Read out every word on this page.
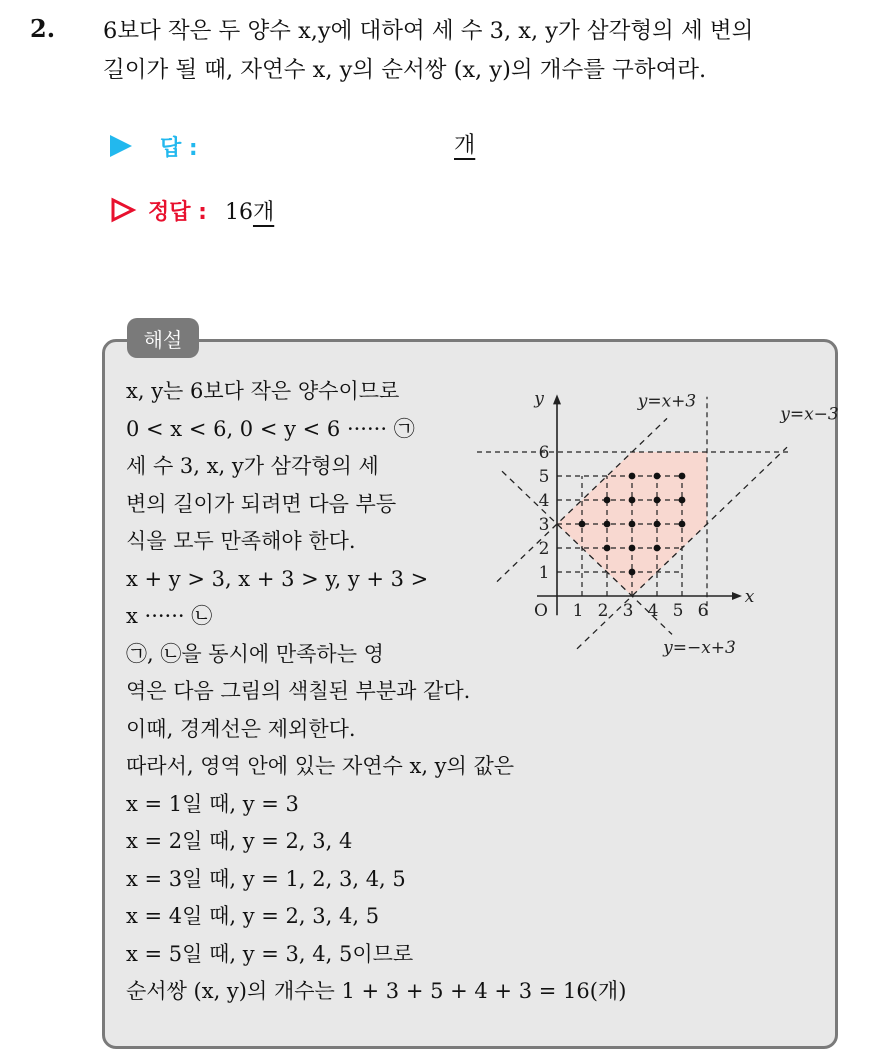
2. 6보다 작은 두 양수 x,y에 대하여 세 수 3, x, y가 삼각형의 세 변의

길이가 될 때, 자연수 x, y의 순서쌍 (x, y)의 개수를 구하여라.

답 :	개
정답 : 16개
해설

x, y는 6보다 작은 양수이므로

0 < x < 6, 0 < y < 6 ······ ㉠

세 수 3, x, y가 삼각형의 세

변의 길이가 되려면 다음 부등

식을 모두 만족해야 한다.

x + y > 3, x + 3 > y, y + 3 >

x ······ ㉡

㉠, ㉡을 동시에 만족하는 영

역은 다음 그림의 색칠된 부분과 같다.

이때, 경계선은 제외한다.

따라서, 영역 안에 있는 자연수 x, y의 값은

x = 1일 때, y = 3

x = 2일 때, y = 2, 3, 4

x = 3일 때, y = 1, 2, 3, 4, 5

x = 4일 때, y = 2, 3, 4, 5

x = 5일 때, y = 3, 4, 5이므로

순서쌍 (x, y)의 개수는 1 + 3 + 5 + 4 + 3 = 16(개)

x
y
O 1 2 3 4 5 6
1
2
3
4
5
6
y=x+3
y=x−3
y=−x+3
